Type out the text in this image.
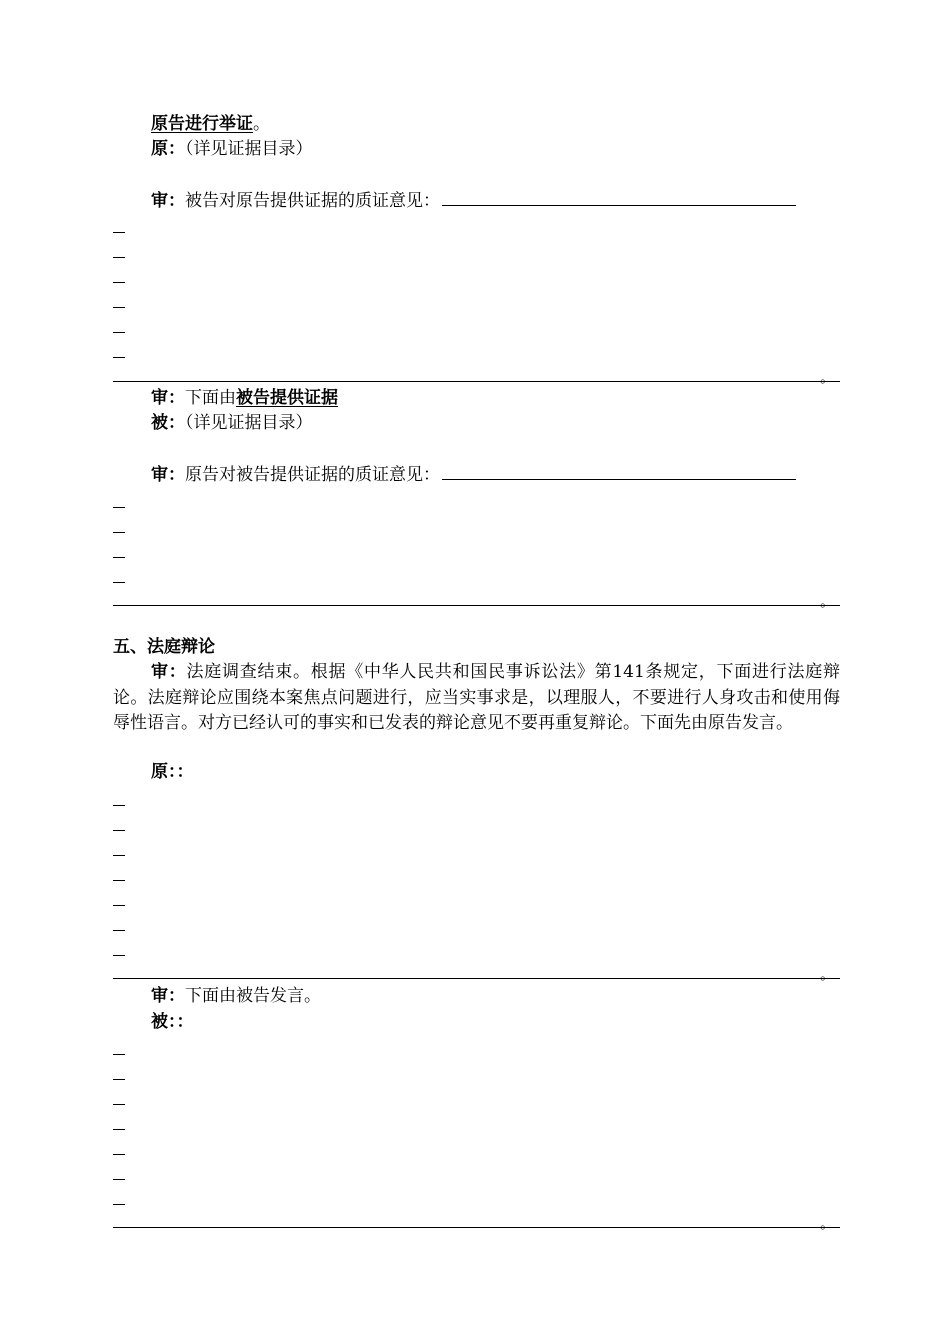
原告进行举证。
原：（详见证据目录）
审：被告对原告提供证据的质证意见：
。
审：下面由被告提供证据
被：（详见证据目录）
审：原告对被告提供证据的质证意见：
。
五、法庭辩论
审：法庭调查结束。根据《中华人民共和国民事诉讼法》第141条规定，下面进行法庭辩论。法庭辩论应围绕本案焦点问题进行，应当实事求是，以理服人，不要进行人身攻击和使用侮辱性语言。对方已经认可的事实和已发表的辩论意见不要再重复辩论。下面先由原告发言。
原：：
。
审：下面由被告发言。
被：：
。
